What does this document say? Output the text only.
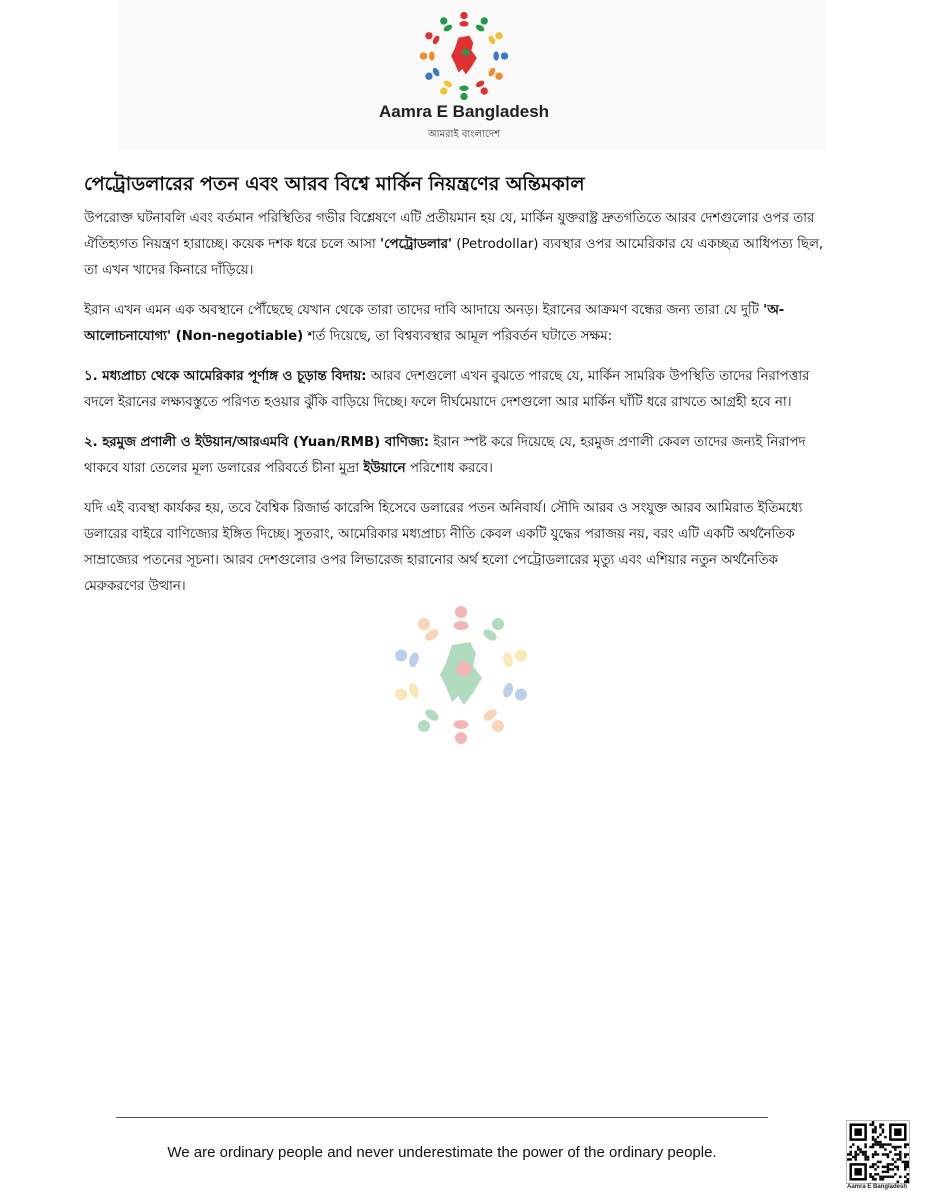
Aamra E Bangladesh
আমরাই বাংলাদেশ
পেট্রোডলারের পতন এবং আরব বিশ্বে মার্কিন নিয়ন্ত্রণের অন্তিমকাল

উপরোক্ত ঘটনাবলি এবং বর্তমান পরিস্থিতির গভীর বিশ্লেষণে এটি প্রতীয়মান হয় যে, মার্কিন যুক্তরাষ্ট্র দ্রুতগতিতে আরব দেশগুলোর ওপর তার ঐতিহ্যগত নিয়ন্ত্রণ হারাচ্ছে। কয়েক দশক ধরে চলে আসা 'পেট্রোডলার' (Petrodollar) ব্যবস্থার ওপর আমেরিকার যে একচ্ছত্র আধিপত্য ছিল, তা এখন খাদের কিনারে দাঁড়িয়ে।

ইরান এখন এমন এক অবস্থানে পৌঁছেছে যেখান থেকে তারা তাদের দাবি আদায়ে অনড়। ইরানের আক্রমণ বন্ধের জন্য তারা যে দুটি 'অ-আলোচনাযোগ্য' (Non-negotiable) শর্ত দিয়েছে, তা বিশ্বব্যবস্থার আমূল পরিবর্তন ঘটাতে সক্ষম:

১. মধ্যপ্রাচ্য থেকে আমেরিকার পূর্ণাঙ্গ ও চূড়ান্ত বিদায়: আরব দেশগুলো এখন বুঝতে পারছে যে, মার্কিন সামরিক উপস্থিতি তাদের নিরাপত্তার বদলে ইরানের লক্ষ্যবস্তুতে পরিণত হওয়ার ঝুঁকি বাড়িয়ে দিচ্ছে। ফলে দীর্ঘমেয়াদে দেশগুলো আর মার্কিন ঘাঁটি ধরে রাখতে আগ্রহী হবে না।

২. হরমুজ প্রণালী ও ইউয়ান/আরএমবি (Yuan/RMB) বাণিজ্য: ইরান স্পষ্ট করে দিয়েছে যে, হরমুজ প্রণালী কেবল তাদের জন্যই নিরাপদ থাকবে যারা তেলের মূল্য ডলারের পরিবর্তে চীনা মুদ্রা ইউয়ানে পরিশোধ করবে।

যদি এই ব্যবস্থা কার্যকর হয়, তবে বৈশ্বিক রিজার্ভ কারেন্সি হিসেবে ডলারের পতন অনিবার্য। সৌদি আরব ও সংযুক্ত আরব আমিরাত ইতিমধ্যে ডলারের বাইরে বাণিজ্যের ইঙ্গিত দিচ্ছে। সুতরাং, আমেরিকার মধ্যপ্রাচ্য নীতি কেবল একটি যুদ্ধের পরাজয় নয়, বরং এটি একটি অর্থনৈতিক সাম্রাজ্যের পতনের সূচনা। আরব দেশগুলোর ওপর লিভারেজ হারানোর অর্থ হলো পেট্রোডলারের মৃত্যু এবং এশিয়ার নতুন অর্থনৈতিক মেরুকরণের উত্থান।

We are ordinary people and never underestimate the power of the ordinary people.
Aamra E Bangladesh
